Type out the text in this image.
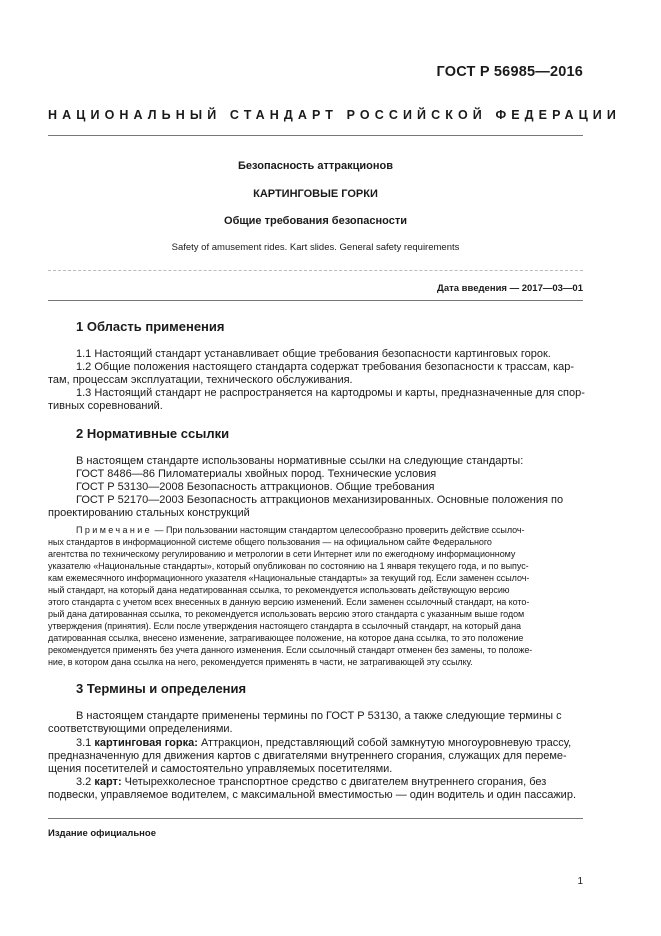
ГОСТ Р 56985—2016
НАЦИОНАЛЬНЫЙ СТАНДАРТ РОССИЙСКОЙ ФЕДЕРАЦИИ
Безопасность аттракционов
КАРТИНГОВЫЕ ГОРКИ
Общие требования безопасности
Safety of amusement rides. Kart slides. General safety requirements
Дата введения — 2017—03—01
1 Область применения
1.1 Настоящий стандарт устанавливает общие требования безопасности картинговых горок.
1.2 Общие положения настоящего стандарта содержат требования безопасности к трассам, кар-
там, процессам эксплуатации, технического обслуживания.
1.3 Настоящий стандарт не распространяется на картодромы и карты, предназначенные для спор-
тивных соревнований.
2 Нормативные ссылки
В настоящем стандарте использованы нормативные ссылки на следующие стандарты:
ГОСТ 8486—86 Пиломатериалы хвойных пород. Технические условия
ГОСТ Р 53130—2008 Безопасность аттракционов. Общие требования
ГОСТ Р 52170—2003 Безопасность аттракционов механизированных. Основные положения по
проектированию стальных конструкций
Примечание — При пользовании настоящим стандартом целесообразно проверить действие ссылоч-
ных стандартов в информационной системе общего пользования — на официальном сайте Федерального
агентства по техническому регулированию и метрологии в сети Интернет или по ежегодному информационному
указателю «Национальные стандарты», который опубликован по состоянию на 1 января текущего года, и по выпус-
кам ежемесячного информационного указателя «Национальные стандарты» за текущий год. Если заменен ссылоч-
ный стандарт, на который дана недатированная ссылка, то рекомендуется использовать действующую версию
этого стандарта с учетом всех внесенных в данную версию изменений. Если заменен ссылочный стандарт, на кото-
рый дана датированная ссылка, то рекомендуется использовать версию этого стандарта с указанным выше годом
утверждения (принятия). Если после утверждения настоящего стандарта в ссылочный стандарт, на который дана
датированная ссылка, внесено изменение, затрагивающее положение, на которое дана ссылка, то это положение
рекомендуется применять без учета данного изменения. Если ссылочный стандарт отменен без замены, то положе-
ние, в котором дана ссылка на него, рекомендуется применять в части, не затрагивающей эту ссылку.
3 Термины и определения
В настоящем стандарте применены термины по ГОСТ Р 53130, а также следующие термины с
соответствующими определениями.
3.1 картинговая горка: Аттракцион, представляющий собой замкнутую многоуровневую трассу,
предназначенную для движения картов с двигателями внутреннего сгорания, служащих для переме-
щения посетителей и самостоятельно управляемых посетителями.
3.2 карт: Четырехколесное транспортное средство с двигателем внутреннего сгорания, без
подвески, управляемое водителем, с максимальной вместимостью — один водитель и один пассажир.
Издание официальное
1
